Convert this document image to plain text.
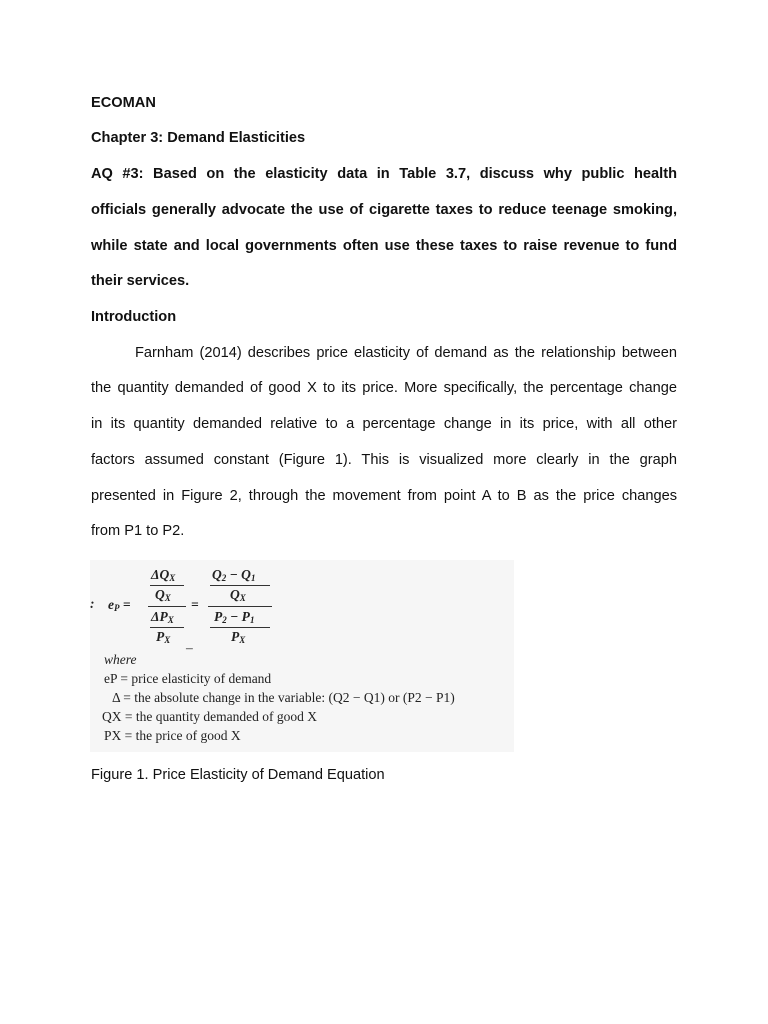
ECOMAN
Chapter 3: Demand Elasticities
AQ #3: Based on the elasticity data in Table 3.7, discuss why public health
officials generally advocate the use of cigarette taxes to reduce teenage smoking,
while state and local governments often use these taxes to raise revenue to fund
their services.
Introduction
Farnham (2014) describes price elasticity of demand as the relationship between
the quantity demanded of good X to its price. More specifically, the percentage change
in its quantity demanded relative to a percentage change in its price, with all other
factors assumed constant (Figure 1). This is visualized more clearly in the graph
presented in Figure 2, through the movement from point A to B as the price changes
from P1 to P2.
: $e_P$ =
$\Delta Q_X$
$Q_X$
$\Delta P_X$
$P_X$
=
$Q_2 - Q_1$
$Q_X$
$P_2 - P_1$
$P_X$
–
where
eP = price elasticity of demand
Δ = the absolute change in the variable: (Q2 − Q1) or (P2 − P1)
QX = the quantity demanded of good X
PX = the price of good X
Figure 1. Price Elasticity of Demand Equation
